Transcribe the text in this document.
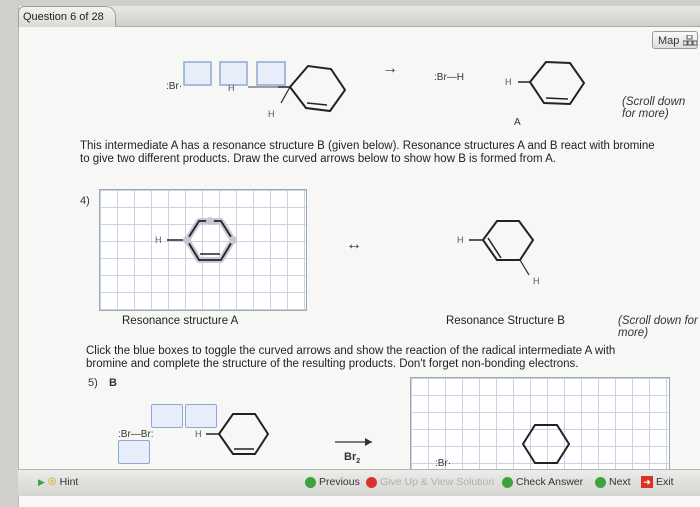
Question 6 of 28
Map
:Br·	H
H
→
:Br—H	H
A
(Scroll down for more)
This intermediate A has a resonance structure B (given below). Resonance structures A and B react with bromine to give two different products. Draw the curved arrows below to show how B is formed from A.
4)
H	↔	H
H
Resonance structure A	Resonance Structure B	(Scroll down for more)
Click the blue boxes to toggle the curved arrows and show the reaction of the radical intermediate A with bromine and complete the structure of the resulting products. Don't forget non-bonding electrons.
5) B
:Br—Br:	H
$Br_2$	:Br·
▶ ◎ Hint	Previous Give Up & View Solution Check Answer Next ➜ Exit
